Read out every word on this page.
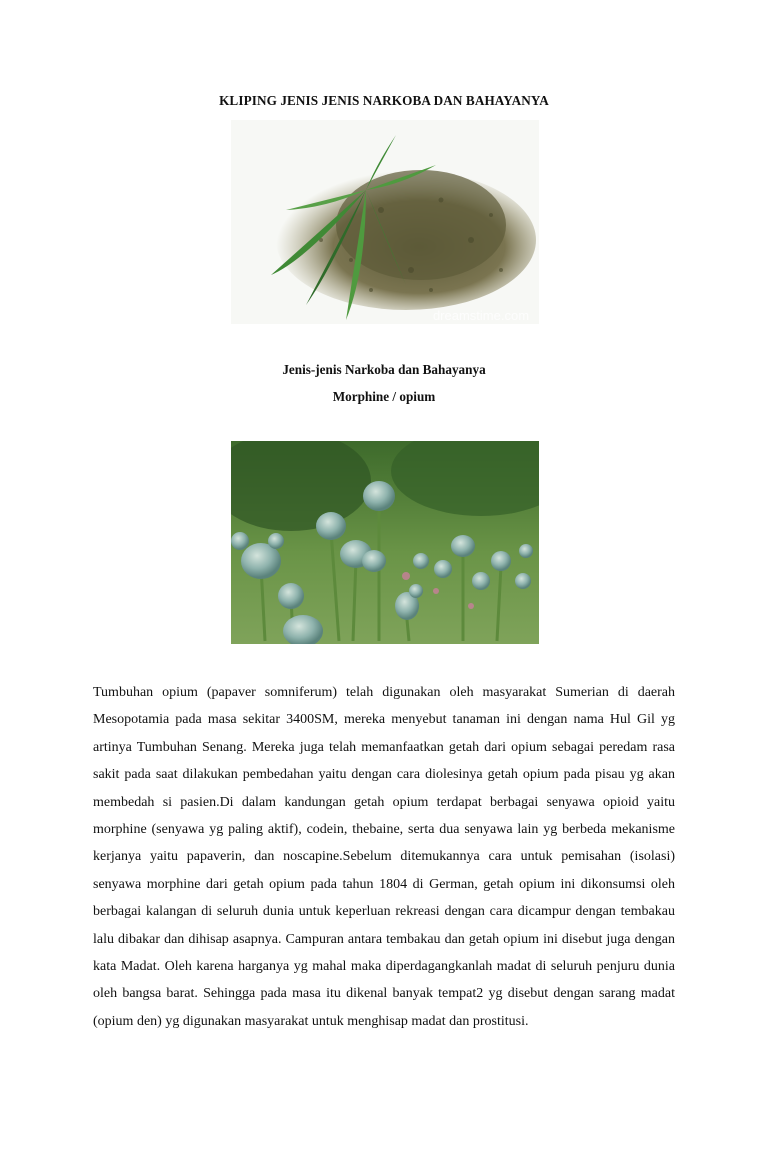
KLIPING JENIS JENIS NARKOBA DAN BAHAYANYA
dreamstime.com
Jenis-jenis Narkoba dan Bahayanya
Morphine / opium

Tumbuhan opium (papaver somniferum) telah digunakan oleh masyarakat Sumerian di daerah Mesopotamia pada masa sekitar 3400SM, mereka menyebut tanaman ini dengan nama Hul Gil yg artinya Tumbuhan Senang. Mereka juga telah memanfaatkan getah dari opium sebagai peredam rasa sakit pada saat dilakukan pembedahan yaitu dengan cara diolesinya getah opium pada pisau yg akan membedah si pasien.Di dalam kandungan getah opium terdapat berbagai senyawa opioid yaitu morphine (senyawa yg paling aktif), codein, thebaine, serta dua senyawa lain yg berbeda mekanisme kerjanya yaitu papaverin, dan noscapine.Sebelum ditemukannya cara untuk pemisahan (isolasi) senyawa morphine dari getah opium pada tahun 1804 di German, getah opium ini dikonsumsi oleh berbagai kalangan di seluruh dunia untuk keperluan rekreasi dengan cara dicampur dengan tembakau lalu dibakar dan dihisap asapnya. Campuran antara tembakau dan getah opium ini disebut juga dengan kata Madat. Oleh karena harganya yg mahal maka diperdagangkanlah madat di seluruh penjuru dunia oleh bangsa barat. Sehingga pada masa itu dikenal banyak tempat2 yg disebut dengan sarang madat (opium den) yg digunakan masyarakat untuk menghisap madat dan prostitusi.
